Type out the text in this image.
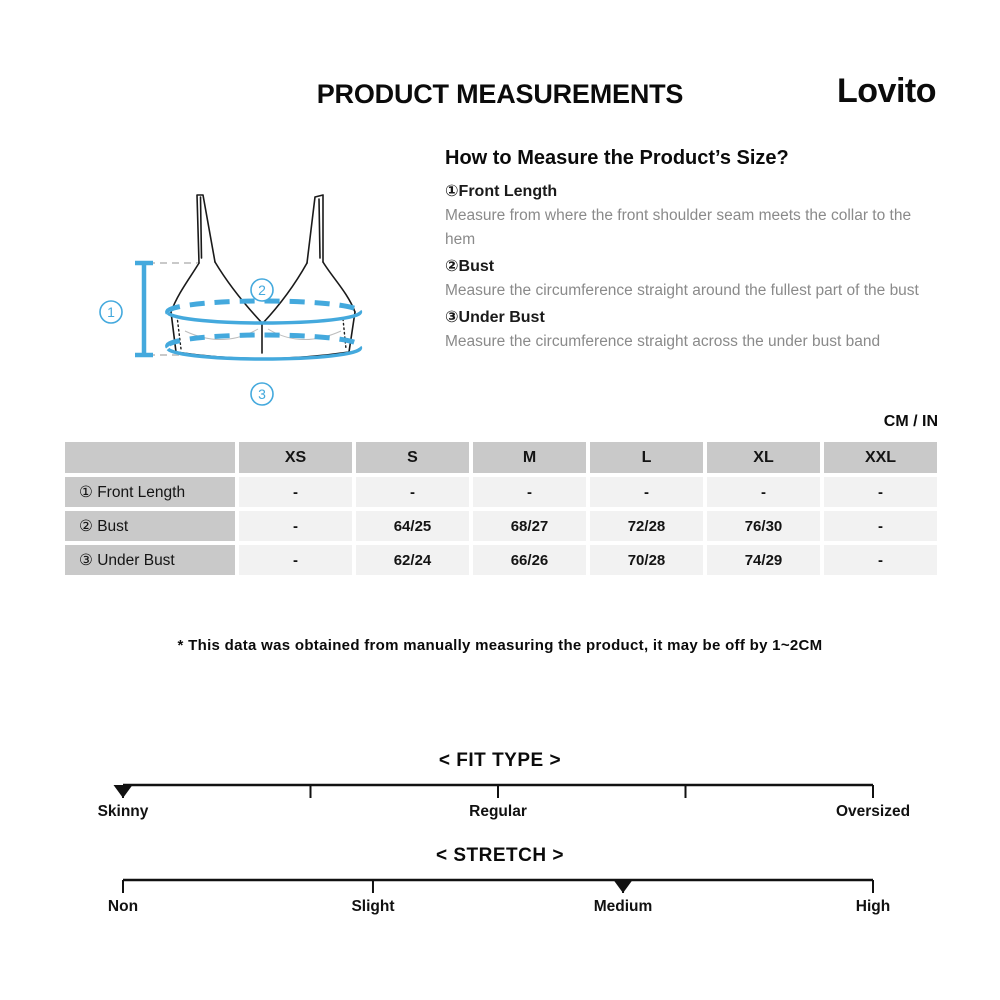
PRODUCT MEASUREMENTS	Lovito
1
2
3
How to Measure the Product’s Size?
①Front Length
Measure from where the front shoulder seam meets the collar to the hem
②Bust
Measure the circumference straight around the fullest part of the bust
③Under Bust
Measure the circumference straight across the under bust band
CM / IN
	XS	S	M	L	XL	XXL
① Front Length	-	-	-	-	-	-
② Bust	-	64/25	68/27	72/28	76/30	-
③ Under Bust	-	62/24	66/26	70/28	74/29	-
* This data was obtained from manually measuring the product, it may be off by 1~2CM
< FIT TYPE >
Skinny	Regular	Oversized
< STRETCH >
Non	Slight	Medium	High
